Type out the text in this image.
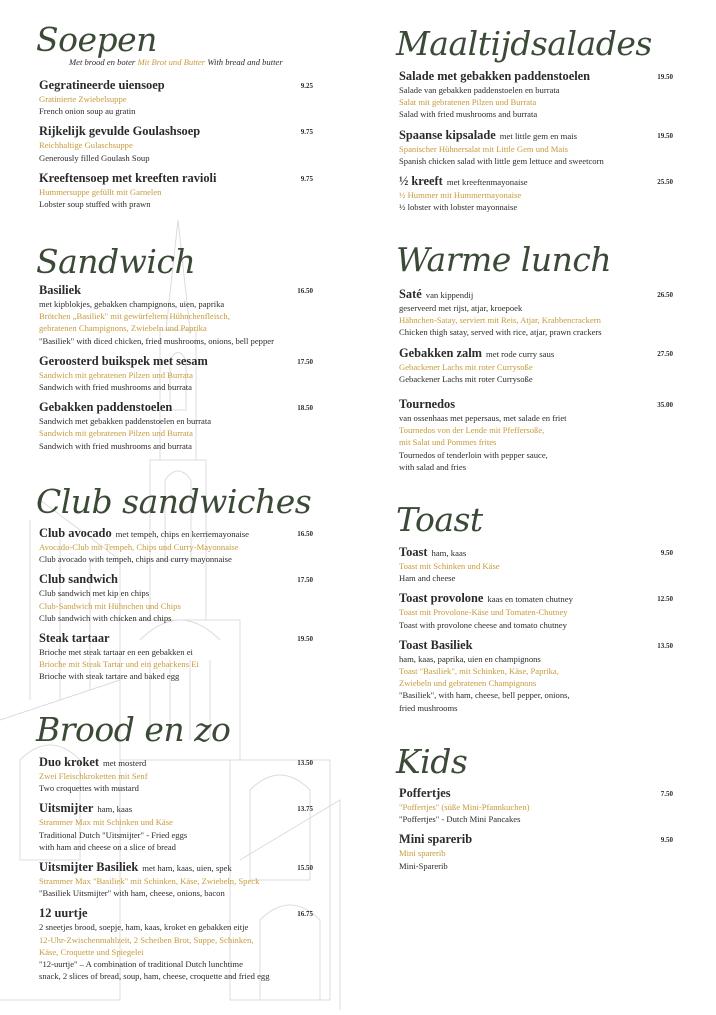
Soepen
Met brood en boter Mit Brot und Butter With bread and butter
Gegratineerde uiensoep	9.25
Gratinierte Zwiebelsuppe
French onion soup au gratin
Rijkelijk gevulde Goulashsoep	9.75
Reichhaltige Gulaschsuppe
Generously filled Goulash Soup
Kreeftensoep met kreeften ravioli	9.75
Hummersuppe gefüllt mit Garnelen
Lobster soup stuffed with prawn
Sandwich
Basiliek	16.50
met kipblokjes, gebakken champignons, uien, paprika
Brötchen „Basiliek" mit gewürfeltem Hühnchenfleisch,
gebratenen Champignons, Zwiebeln und Paprika
"Basiliek" with diced chicken, fried mushrooms, onions, bell pepper
Geroosterd buikspek met sesam	17.50
Sandwich mit gebratenen Pilzen und Burrata
Sandwich with fried mushrooms and burrata
Gebakken paddenstoelen	18.50
Sandwich met gebakken paddenstoelen en burrata
Sandwich mit gebratenen Pilzen und Burrata
Sandwich with fried mushrooms and burrata
Club sandwiches
Club avocado met tempeh, chips en kerriemayonaise	16.50
Avocado-Club mit Tempeh, Chips und Curry-Mayonnaise
Club avocado with tempeh, chips and curry mayonnaise
Club sandwich	17.50
Club sandwich met kip en chips
Club-Sandwich mit Hühnchen und Chips
Club sandwich with chicken and chips
Steak tartaar	19.50
Brioche met steak tartaar en een gebakken ei
Brioche mit Steak Tartar und ein gebackens Ei
Brioche with steak tartare and baked egg
Brood en zo
Duo kroket met mosterd	13.50
Zwei Fleischkroketten mit Senf
Two croquettes with mustard
Uitsmijter ham, kaas	13.75
Strammer Max mit Schinken und Käse
Traditional Dutch "Uitsmijter" - Fried eggs
with ham and cheese on a slice of bread
Uitsmijter Basiliek met ham, kaas, uien, spek	15.50
Strammer Max "Basiliek" mit Schinken, Käse, Zwiebeln, Speck
"Basiliek Uitsmijter" with ham, cheese, onions, bacon
12 uurtje	16.75
2 sneetjes brood, soepje, ham, kaas, kroket en gebakken eitje
12-Uhr-Zwischenmahlzeit, 2 Scheiben Brot, Suppe, Schinken,
Käse, Croquette und Spiegelei
"12-uurtje" – A combination of traditional Dutch lunchtime
snack, 2 slices of bread, soup, ham, cheese, croquette and fried egg
Maaltijdsalades
Salade met gebakken paddenstoelen	19.50
Salade van gebakken paddenstoelen en burrata
Salat mit gebratenen Pilzen und Burrata
Salad with fried mushrooms and burrata
Spaanse kipsalade met little gem en mais	19.50
Spanischer Hühnersalat mit Little Gem und Mais
Spanish chicken salad with little gem lettuce and sweetcorn
½ kreeft met kreeftenmayonaise	25.50
½ Hummer mit Hummermayonaise
½ lobster with lobster mayonnaise
Warme lunch
Saté van kippendij	26.50
geserveerd met rijst, atjar, kroepoek
Hähnchen-Satay, serviert mit Reis, Atjar, Krabbencrackern
Chicken thigh satay, served with rice, atjar, prawn crackers
Gebakken zalm met rode curry saus	27.50
Gebackener Lachs mit roter Currysoße
Gebackener Lachs mit roter Currysoße
Tournedos	35.00
van ossenhaas met pepersaus, met salade en friet
Tournedos von der Lende mit Pfeffersoße,
mit Salat und Pommes frites
Tournedos of tenderloin with pepper sauce,
with salad and fries
Toast
Toast ham, kaas	9.50
Toast mit Schinken und Käse
Ham and cheese
Toast provolone kaas en tomaten chutney	12.50
Toast mit Provolone-Käse und Tomaten-Chutney
Toast with provolone cheese and tomato chutney
Toast Basiliek	13.50
ham, kaas, paprika, uien en champignons
Toast "Basiliek", mit Schinken, Käse, Paprika,
Zwiebeln und gebratenen Champignons
"Basiliek", with ham, cheese, bell pepper, onions,
fried mushrooms
Kids
Poffertjes	7.50
"Poffertjes" (süße Mini-Pfannkuchen)
"Poffertjes" - Dutch Mini Pancakes
Mini sparerib	9.50
Mini sparerib
Mini-Sparerib
